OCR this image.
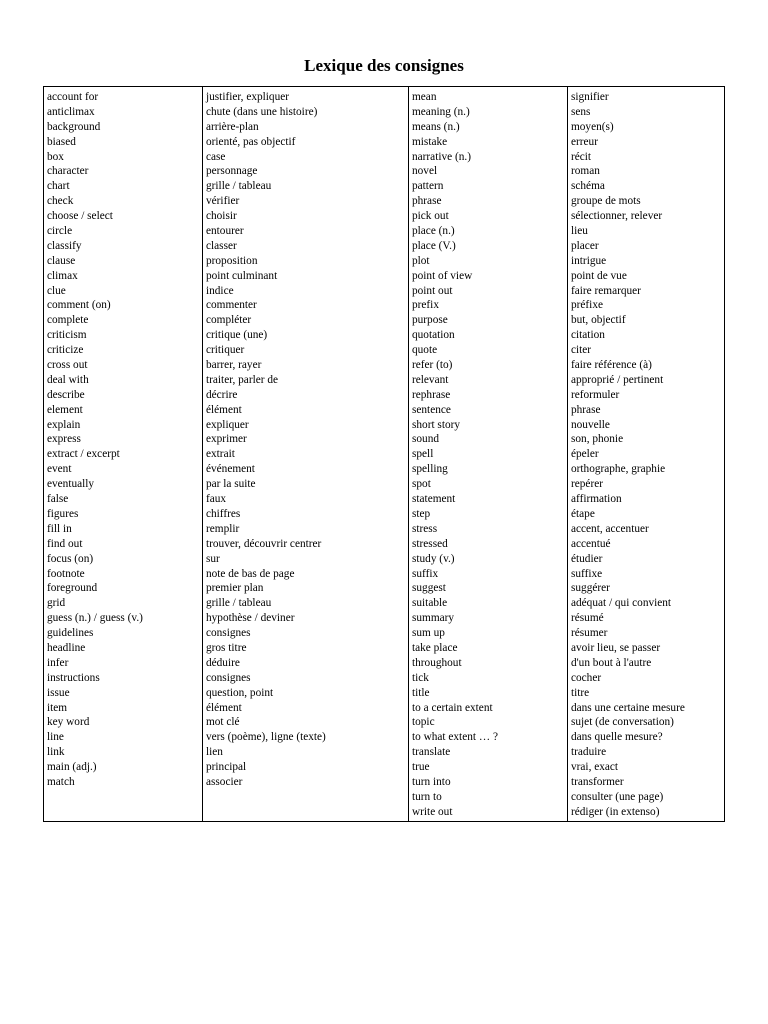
Lexique des consignes
account for
anticlimax
background
biased
box
character
chart
check
choose / select
circle
classify
clause
climax
clue
comment (on)
complete
criticism
criticize
cross out
deal with
describe
element
explain
express
extract / excerpt
event
eventually
false
figures
fill in
find out
focus (on)
footnote
foreground
grid
guess (n.) / guess (v.)
guidelines
headline
infer
instructions
issue
item
key word
line
link
main (adj.)
match
justifier, expliquer
chute (dans une histoire)
arrière-plan
orienté, pas objectif
case
personnage
grille / tableau
vérifier
choisir
entourer
classer
proposition
point culminant
indice
commenter
compléter
critique (une)
critiquer
barrer, rayer
traiter, parler de
décrire
élément
expliquer
exprimer
extrait
événement
par la suite
faux
chiffres
remplir
trouver, découvrir centrer
sur
note de bas de page
premier plan
grille / tableau
hypothèse / deviner
consignes
gros titre
déduire
consignes
question, point
élément
mot clé
vers (poème), ligne (texte)
lien
principal
associer
mean
meaning (n.)
means (n.)
mistake
narrative (n.)
novel
pattern
phrase
pick out
place (n.)
place (V.)
plot
point of view
point out
prefix
purpose
quotation
quote
refer (to)
relevant
rephrase
sentence
short story
sound
spell
spelling
spot
statement
step
stress
stressed
study (v.)
suffix
suggest
suitable
summary
sum up
take place
throughout
tick
title
to a certain extent
topic
to what extent … ?
translate
true
turn into
turn to
write out
signifier
sens
moyen(s)
erreur
récit
roman
schéma
groupe de mots
sélectionner, relever
lieu
placer
intrigue
point de vue
faire remarquer
préfixe
but, objectif
citation
citer
faire référence (à)
approprié / pertinent
reformuler
phrase
nouvelle
son, phonie
épeler
orthographe, graphie
repérer
affirmation
étape
accent, accentuer
accentué
étudier
suffixe
suggérer
adéquat / qui convient
résumé
résumer
avoir lieu, se passer
d'un bout à l'autre
cocher
titre
dans une certaine mesure
sujet (de conversation)
dans quelle mesure?
traduire
vrai, exact
transformer
consulter (une page)
rédiger (in extenso)
